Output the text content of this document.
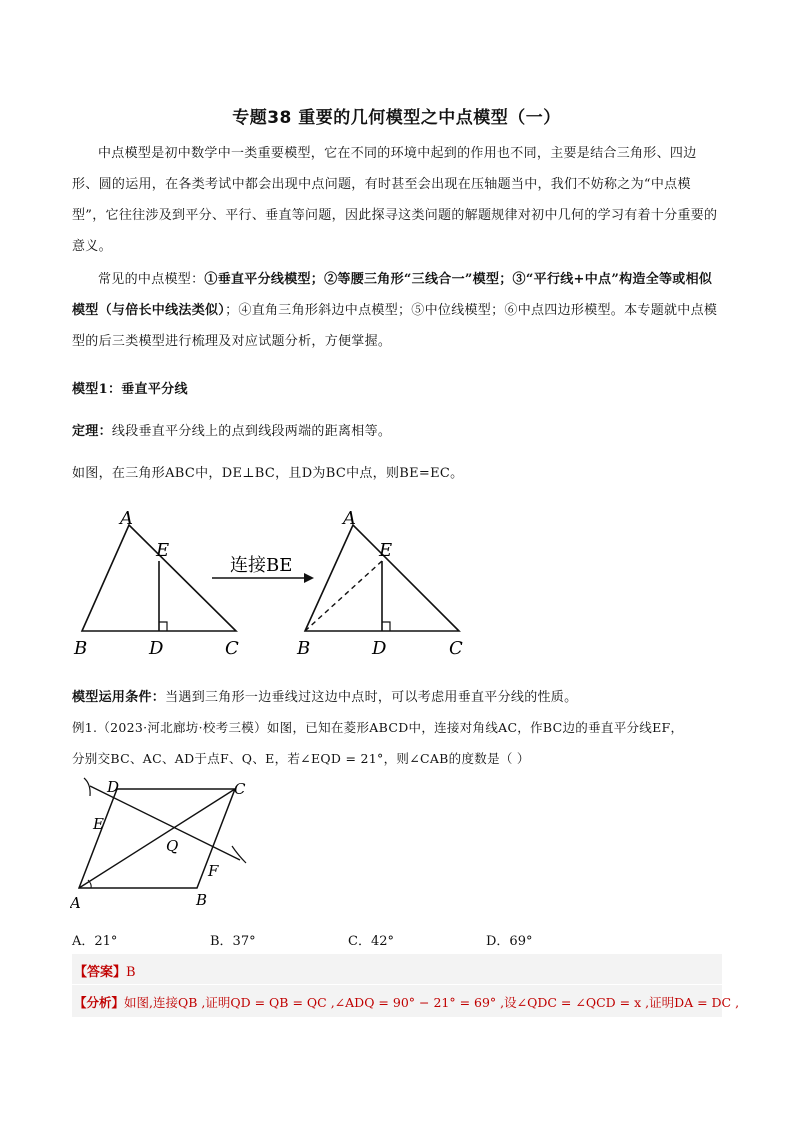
专题38 重要的几何模型之中点模型（一）
中点模型是初中数学中一类重要模型，它在不同的环境中起到的作用也不同，主要是结合三角形、四边形、圆的运用，在各类考试中都会出现中点问题，有时甚至会出现在压轴题当中，我们不妨称之为“中点模型”，它往往涉及到平分、平行、垂直等问题，因此探寻这类问题的解题规律对初中几何的学习有着十分重要的意义。
常见的中点模型：①垂直平分线模型；②等腰三角形“三线合一”模型；③“平行线+中点”构造全等或相似模型（与倍长中线法类似）；④直角三角形斜边中点模型；⑤中位线模型；⑥中点四边形模型。本专题就中点模型的后三类模型进行梳理及对应试题分析，方便掌握。
模型1：垂直平分线
定理：线段垂直平分线上的点到线段两端的距离相等。
如图，在三角形ABC中，DE⊥BC，且D为BC中点，则BE=EC。
A
E
B	D	C
连接BE
A
E
B	D	C
模型运用条件：当遇到三角形一边垂线过这边中点时，可以考虑用垂直平分线的性质。
例1.（2023·河北廊坊·校考三模）如图，已知在菱形ABCD中，连接对角线AC，作BC边的垂直平分线EF，
分别交BC、AC、AD于点F、Q、E，若∠EQD = 21°，则∠CAB的度数是（ ）
D	C
E
Q
F
A	B
A．21°	B．37°	C．42°	D．69°
【答案】B
【分析】如图,连接QB ,证明QD = QB = QC ,∠ADQ = 90° − 21° = 69° ,设∠QDC = ∠QCD = x ,证明DA = DC ,
